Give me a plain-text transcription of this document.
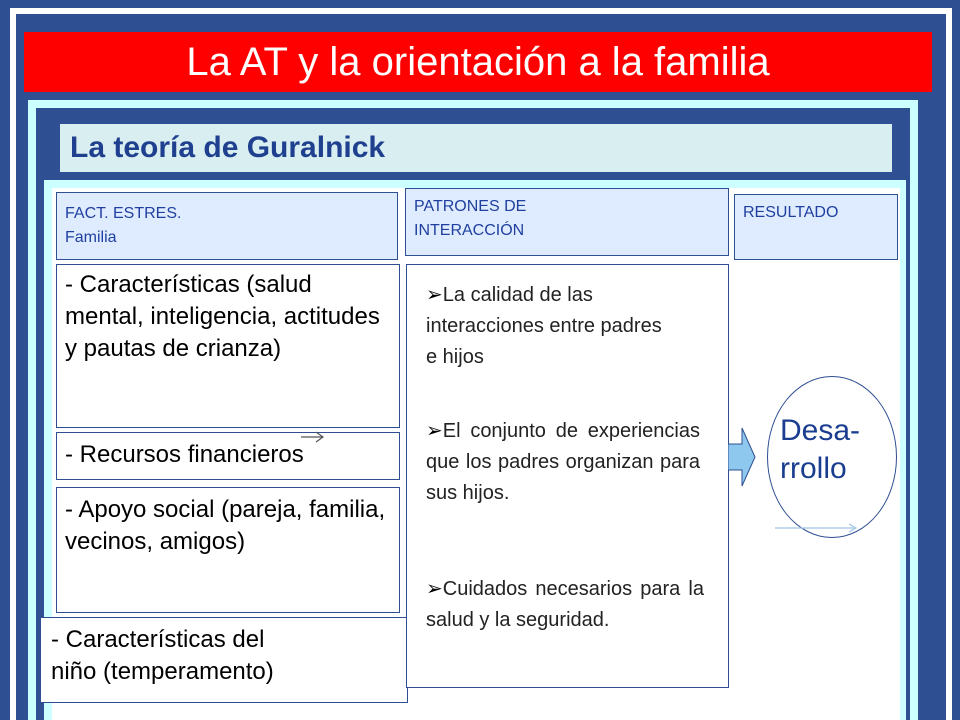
La AT y la orientación a la familia
La teoría de Guralnick
FACT. ESTRES.
Familia
PATRONES DE
INTERACCIÓN
RESULTADO
- Características (salud mental, inteligencia, actitudes y pautas de crianza)
- Recursos financieros
- Apoyo social (pareja, familia, vecinos, amigos)
- Características del
niño (temperamento)
➢La calidad de las interacciones entre padres e hijos
➢El conjunto de experiencias que los padres organizan para sus hijos.
➢Cuidados necesarios para la salud y la seguridad.
Desa-
rrollo
